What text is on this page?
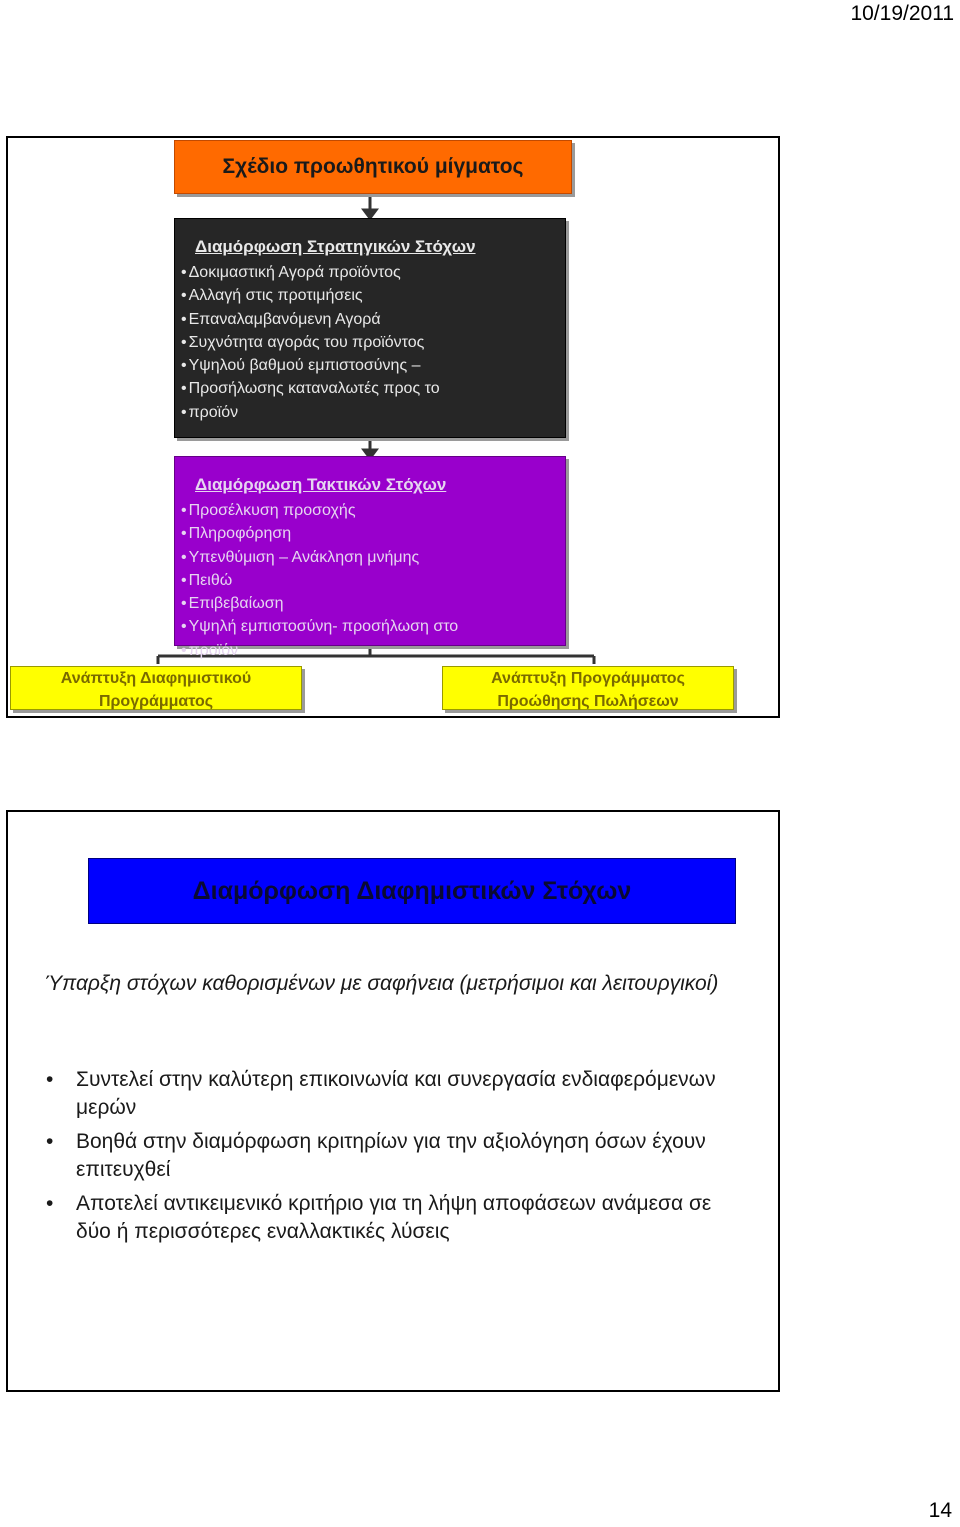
10/19/2011
Σχέδιο προωθητικού μίγματος
Διαμόρφωση Στρατηγικών Στόχων
• Δοκιμαστική Αγορά προϊόντος
• Αλλαγή στις προτιμήσεις
• Επαναλαμβανόμενη Αγορά
• Συχνότητα αγοράς του προϊόντος
• Υψηλού βαθμού εμπιστοσύνης –
• Προσήλωσης καταναλωτές προς το
• προϊόν
Διαμόρφωση Τακτικών Στόχων
• Προσέλκυση προσοχής
• Πληροφόρηση
• Υπενθύμιση – Ανάκληση μνήμης
• Πειθώ
• Επιβεβαίωση
• Υψηλή εμπιστοσύνη- προσήλωση στο
• προϊόν
Ανάπτυξη Διαφημιστικού
Προγράμματος
Ανάπτυξη Προγράμματος
Προώθησης Πωλήσεων
Διαμόρφωση Διαφημιστικών Στόχων
Ύπαρξη στόχων καθορισμένων με σαφήνεια (μετρήσιμοι και λειτουργικοί)
• Συντελεί στην καλύτερη επικοινωνία και συνεργασία ενδιαφερόμενων μερών
• Βοηθά στην διαμόρφωση κριτηρίων για την αξιολόγηση όσων έχουν επιτευχθεί
• Αποτελεί αντικειμενικό κριτήριο για τη λήψη αποφάσεων ανάμεσα σε δύο ή περισσότερες εναλλακτικές λύσεις
14
